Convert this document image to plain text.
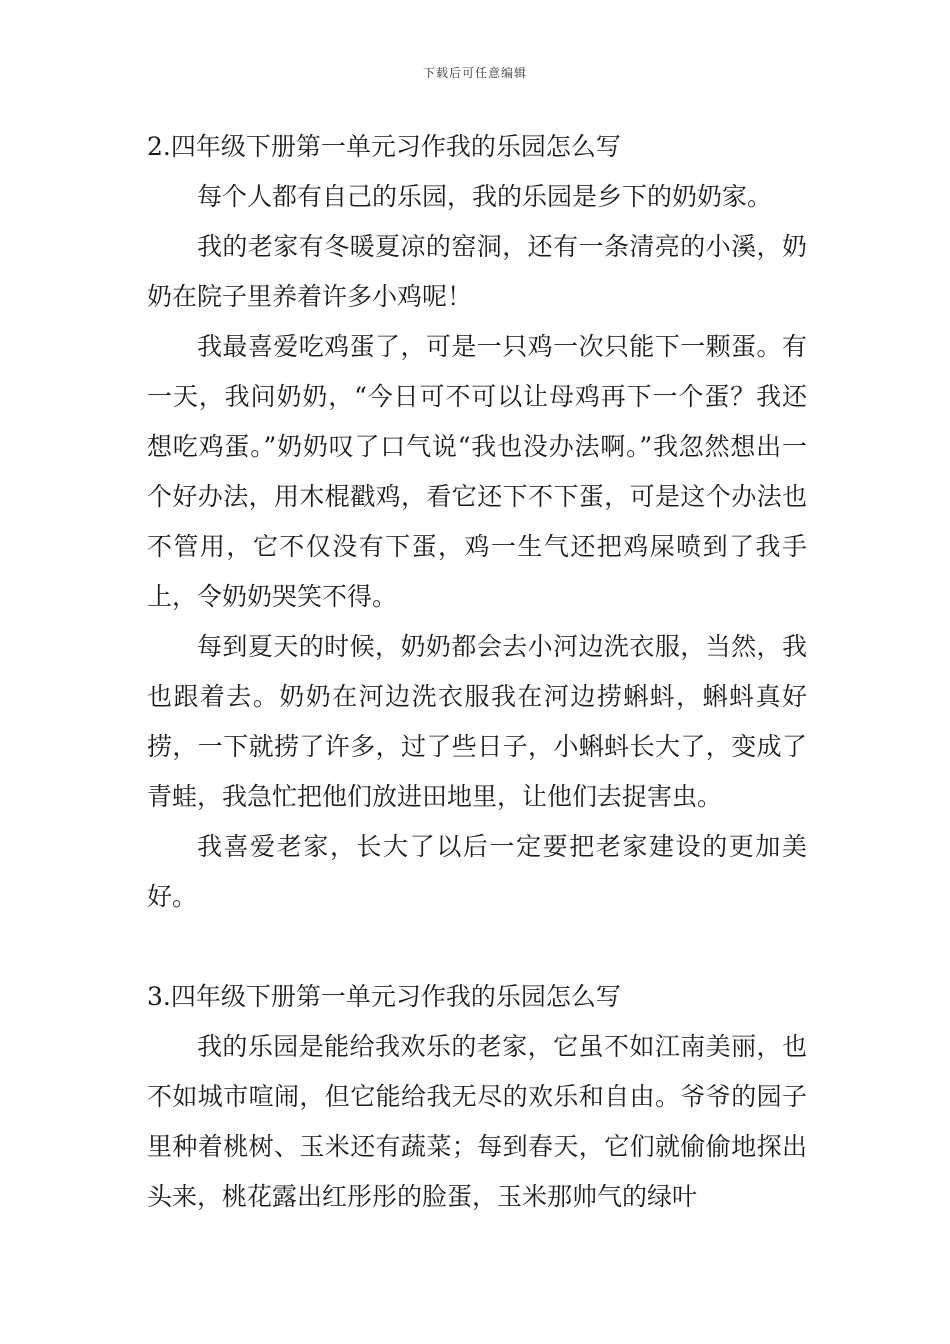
下载后可任意编辑
2.四年级下册第一单元习作我的乐园怎么写

每个人都有自己的乐园，我的乐园是乡下的奶奶家。

我的老家有冬暖夏凉的窑洞，还有一条清亮的小溪，奶奶在院子里养着许多小鸡呢！

我最喜爱吃鸡蛋了，可是一只鸡一次只能下一颗蛋。有一天，我问奶奶，“今日可不可以让母鸡再下一个蛋？我还想吃鸡蛋。”奶奶叹了口气说“我也没办法啊。”我忽然想出一个好办法，用木棍戳鸡，看它还下不下蛋，可是这个办法也不管用，它不仅没有下蛋，鸡一生气还把鸡屎喷到了我手上，令奶奶哭笑不得。

每到夏天的时候，奶奶都会去小河边洗衣服，当然，我也跟着去。奶奶在河边洗衣服我在河边捞蝌蚪，蝌蚪真好捞，一下就捞了许多，过了些日子，小蝌蚪长大了，变成了青蛙，我急忙把他们放进田地里，让他们去捉害虫。

我喜爱老家，长大了以后一定要把老家建设的更加美好。

3.四年级下册第一单元习作我的乐园怎么写

我的乐园是能给我欢乐的老家，它虽不如江南美丽，也不如城市喧闹，但它能给我无尽的欢乐和自由。爷爷的园子里种着桃树、玉米还有蔬菜；每到春天，它们就偷偷地探出头来，桃花露出红彤彤的脸蛋，玉米那帅气的绿叶
